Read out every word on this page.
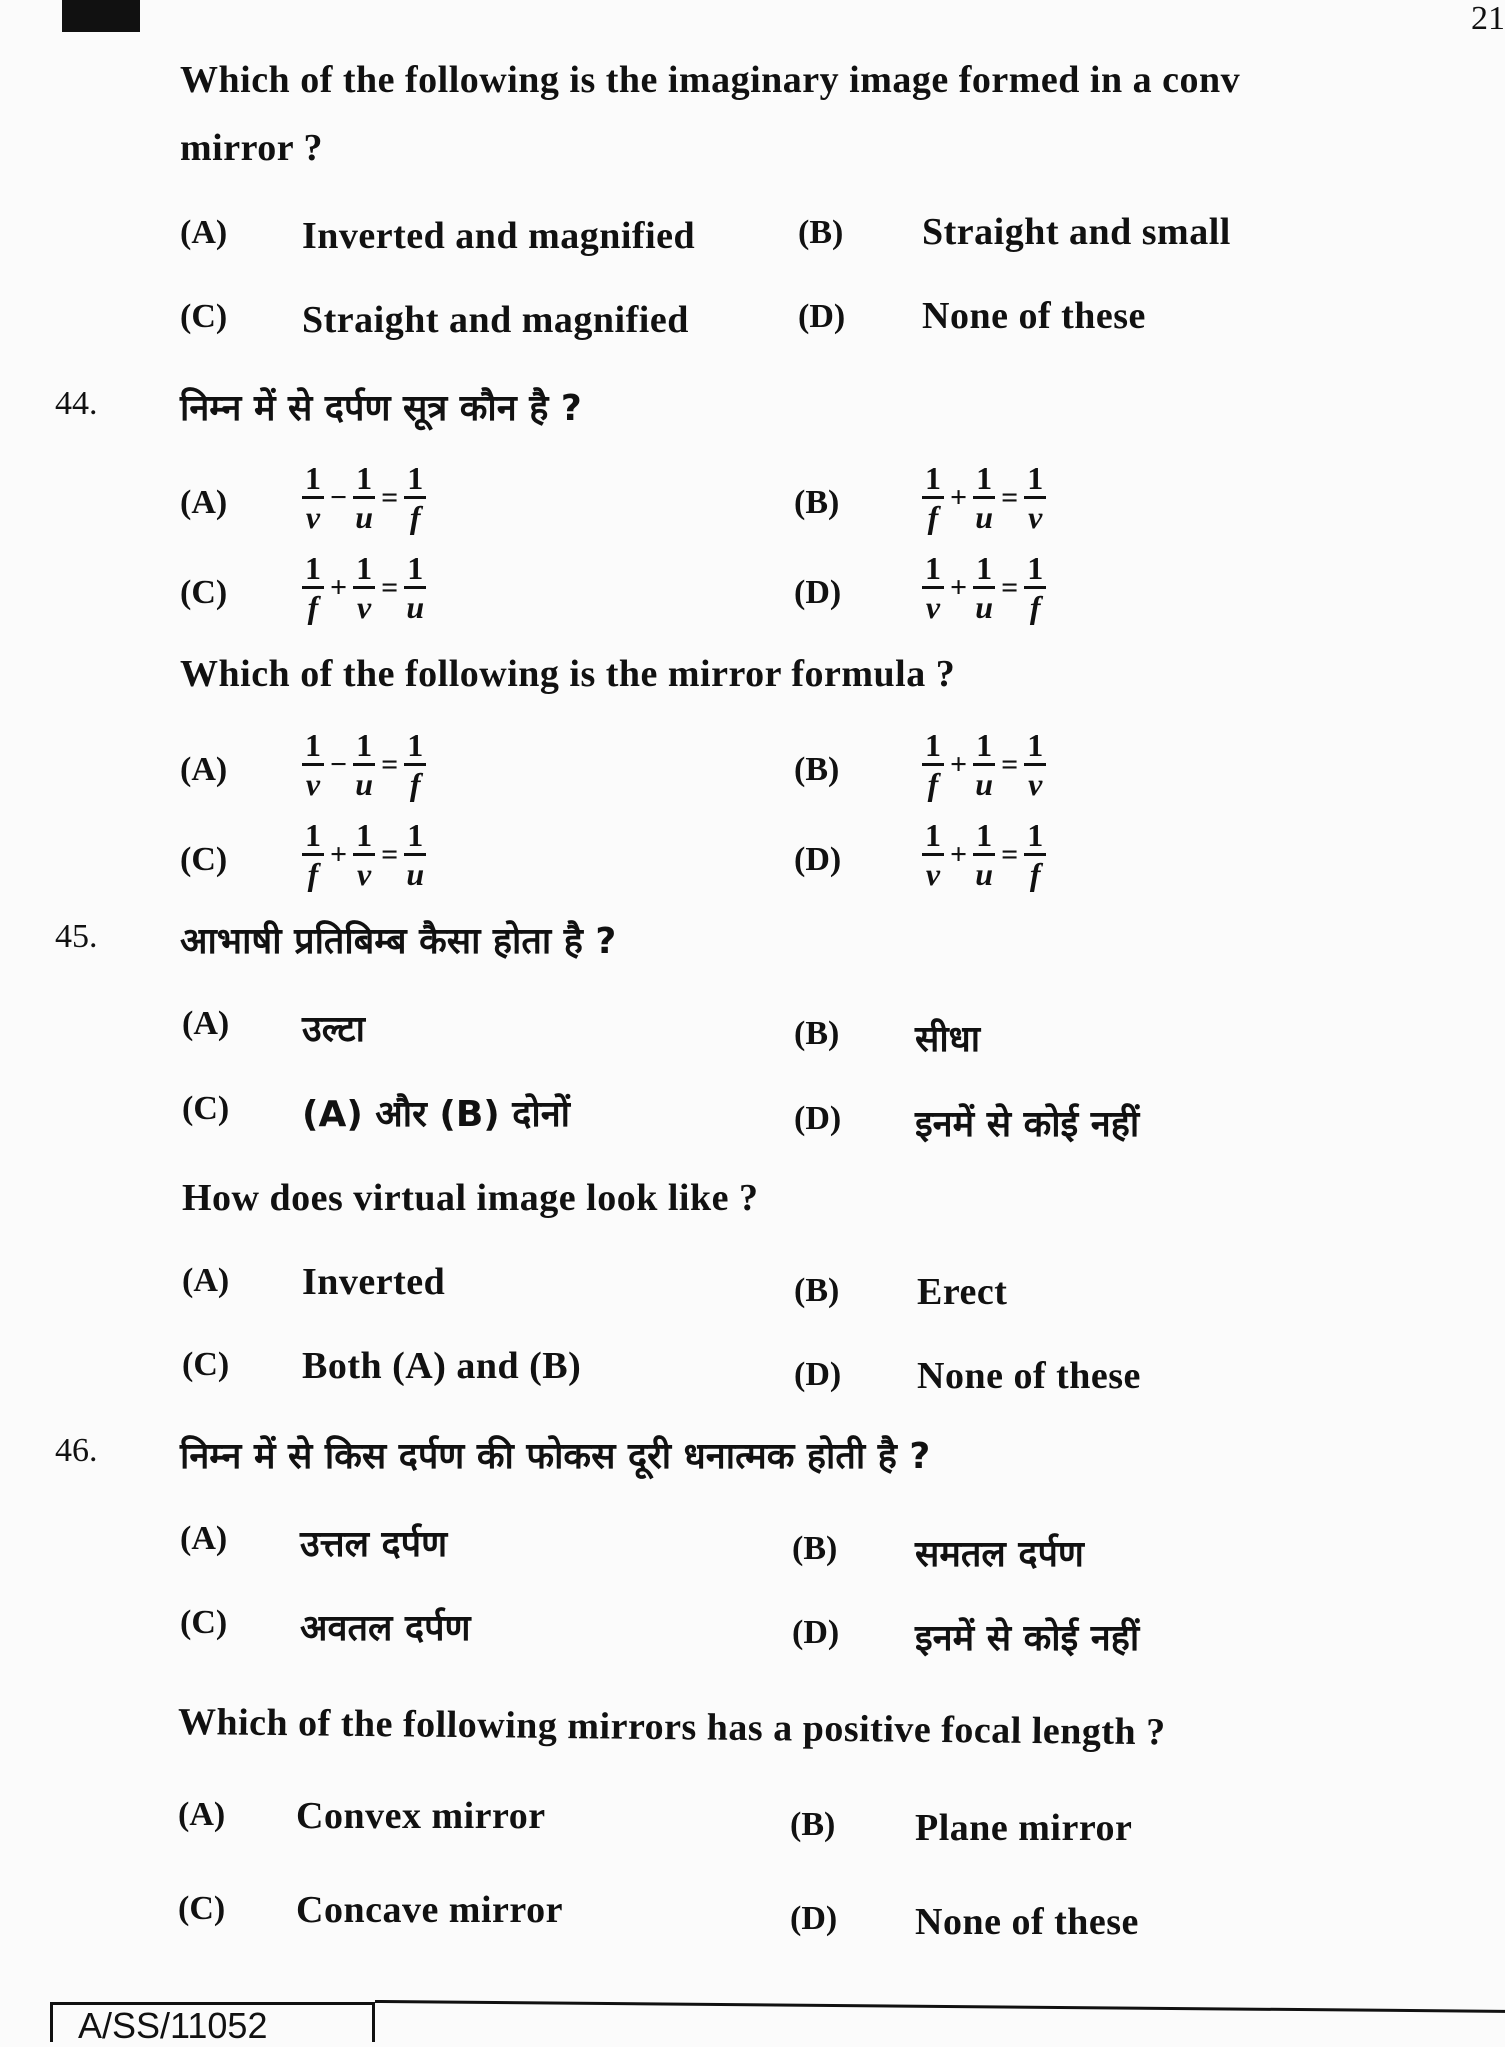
21
Which of the following is the imaginary image formed in a conv
mirror ?
(A) Inverted and magnified	(B) Straight and small
(C) Straight and magnified	(D) None of these
44. निम्न में से दर्पण सूत्र कौन है ?
$(A) \frac{1}{v} - \frac{1}{u} = \frac{1}{f}$	(B)	$\frac{1}{f} + \frac{1}{u} = \frac{1}{v}$
$(C) \frac{1}{f} + \frac{1}{v} = \frac{1}{u}$	(D)	$\frac{1}{v} + \frac{1}{u} = \frac{1}{f}$
$(A) \frac{1}{v} - \frac{1}{u} = \frac{1}{f}$	(B)	$\frac{1}{f} + \frac{1}{u} = \frac{1}{v}$
$(C) \frac{1}{f} + \frac{1}{v} = \frac{1}{u}$	(D)	$\frac{1}{v} + \frac{1}{u} = \frac{1}{f}$
Which of the following is the mirror formula ?
45. आभाषी प्रतिबिम्ब कैसा होता है ?
(A) उल्टा	(B) सीधा
(C) (A) और (B) दोनों	(D) इनमें से कोई नहीं
How does virtual image look like ?
(A) Inverted	(B) Erect
(C) Both (A) and (B)	(D) None of these
46. निम्न में से किस दर्पण की फोकस दूरी धनात्मक होती है ?
(A) उत्तल दर्पण	(B) समतल दर्पण
(C) अवतल दर्पण	(D) इनमें से कोई नहीं
Which of the following mirrors has a positive focal length ?
(A) Convex mirror	(B) Plane mirror
(C) Concave mirror	(D) None of these
A/SS/11052
